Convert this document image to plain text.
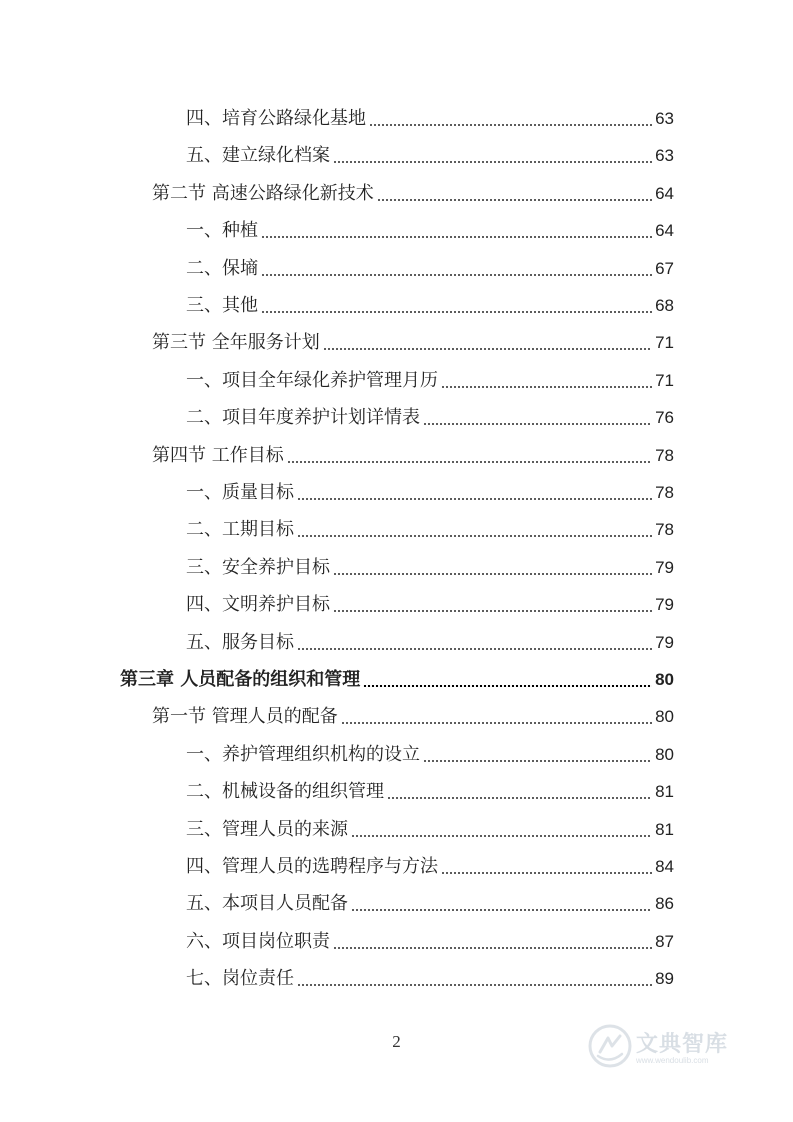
四、培育公路绿化基地	63
五、建立绿化档案	63
第二节 高速公路绿化新技术	64
一、种植	64
二、保墒	67
三、其他	68
第三节 全年服务计划	71
一、项目全年绿化养护管理月历	71
二、项目年度养护计划详情表	76
第四节 工作目标	78
一、质量目标	78
二、工期目标	78
三、安全养护目标	79
四、文明养护目标	79
五、服务目标	79
第三章 人员配备的组织和管理	80
第一节 管理人员的配备	80
一、养护管理组织机构的设立	80
二、机械设备的组织管理	81
三、管理人员的来源	81
四、管理人员的选聘程序与方法	84
五、本项目人员配备	86
六、项目岗位职责	87
七、岗位责任	89
2	文典智库
www.wendoulib.com
